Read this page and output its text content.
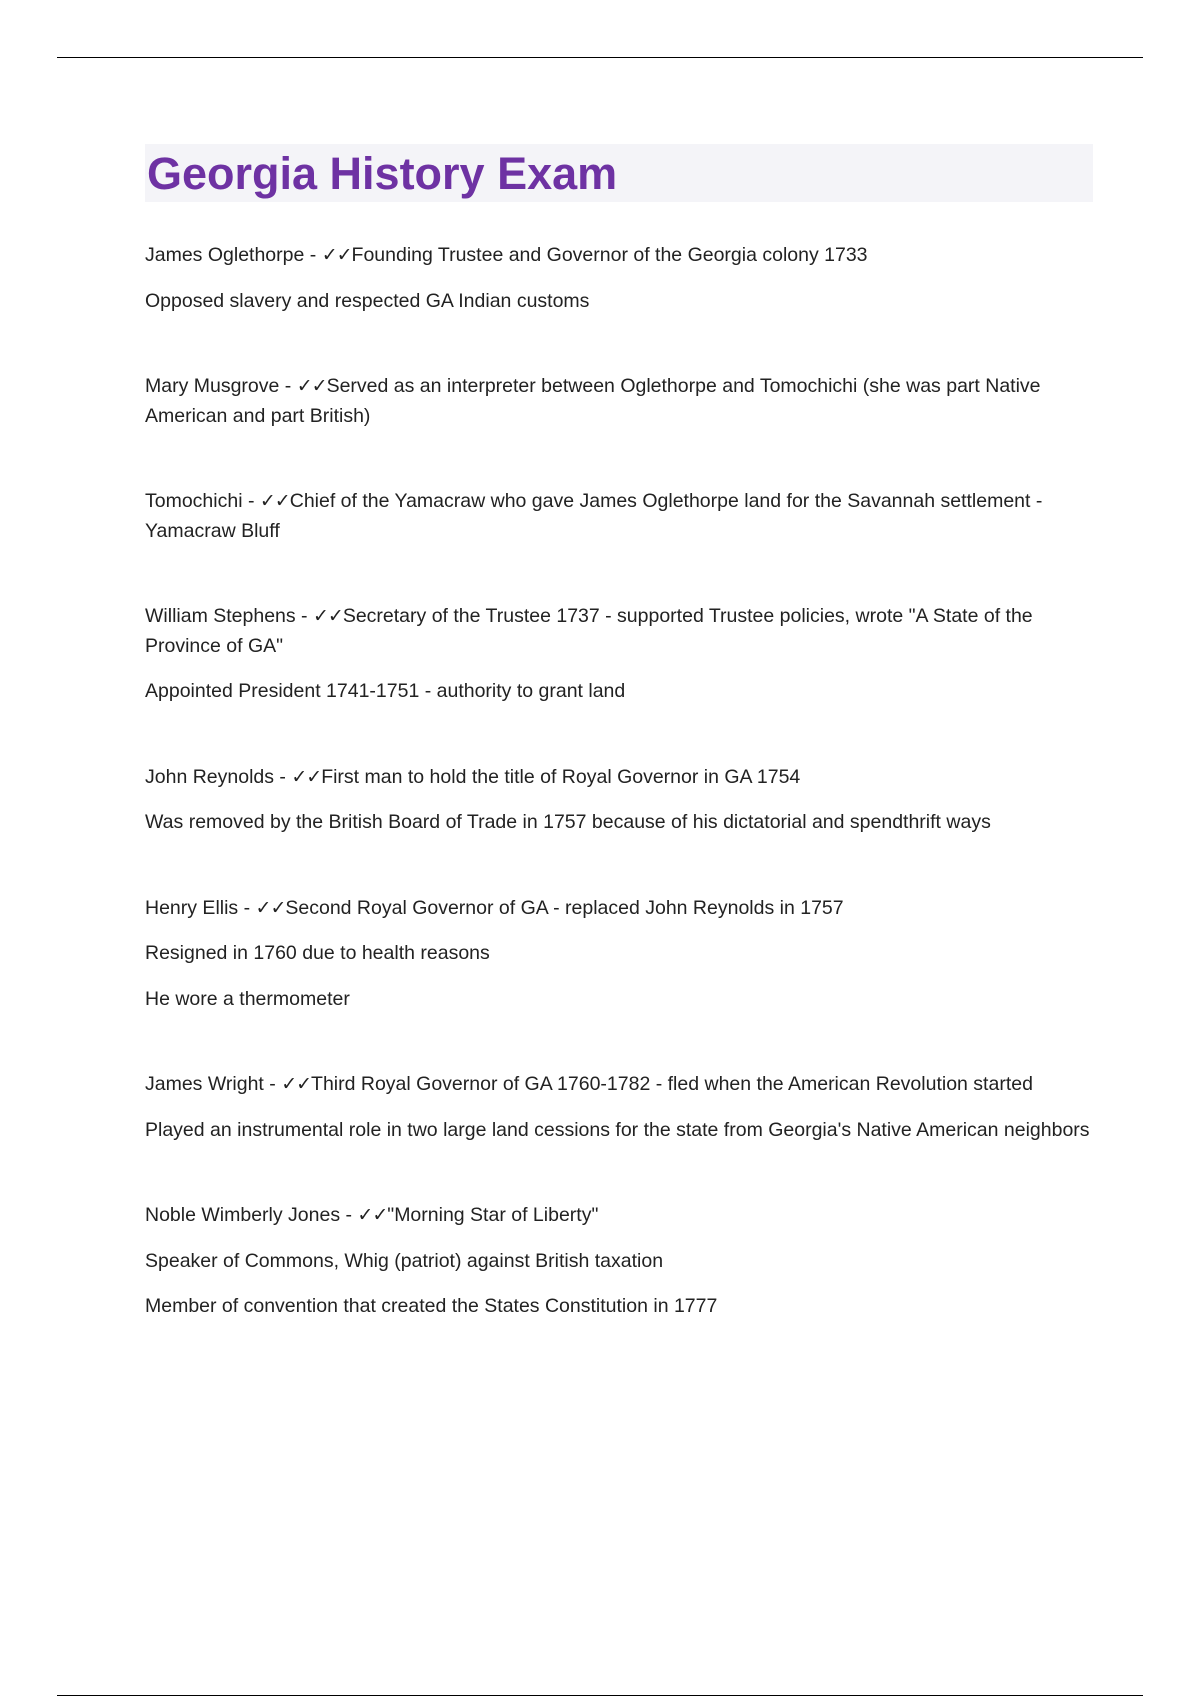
Georgia History Exam

James Oglethorpe - ✓✓Founding Trustee and Governor of the Georgia colony 1733

Opposed slavery and respected GA Indian customs

Mary Musgrove - ✓✓Served as an interpreter between Oglethorpe and Tomochichi (she was part Native American and part British)

Tomochichi - ✓✓Chief of the Yamacraw who gave James Oglethorpe land for the Savannah settlement - Yamacraw Bluff

William Stephens - ✓✓Secretary of the Trustee 1737 - supported Trustee policies, wrote "A State of the Province of GA"

Appointed President 1741-1751 - authority to grant land

John Reynolds - ✓✓First man to hold the title of Royal Governor in GA 1754

Was removed by the British Board of Trade in 1757 because of his dictatorial and spendthrift ways

Henry Ellis - ✓✓Second Royal Governor of GA - replaced John Reynolds in 1757

Resigned in 1760 due to health reasons

He wore a thermometer

James Wright - ✓✓Third Royal Governor of GA 1760-1782 - fled when the American Revolution started

Played an instrumental role in two large land cessions for the state from Georgia's Native American neighbors

Noble Wimberly Jones - ✓✓"Morning Star of Liberty"

Speaker of Commons, Whig (patriot) against British taxation

Member of convention that created the States Constitution in 1777
